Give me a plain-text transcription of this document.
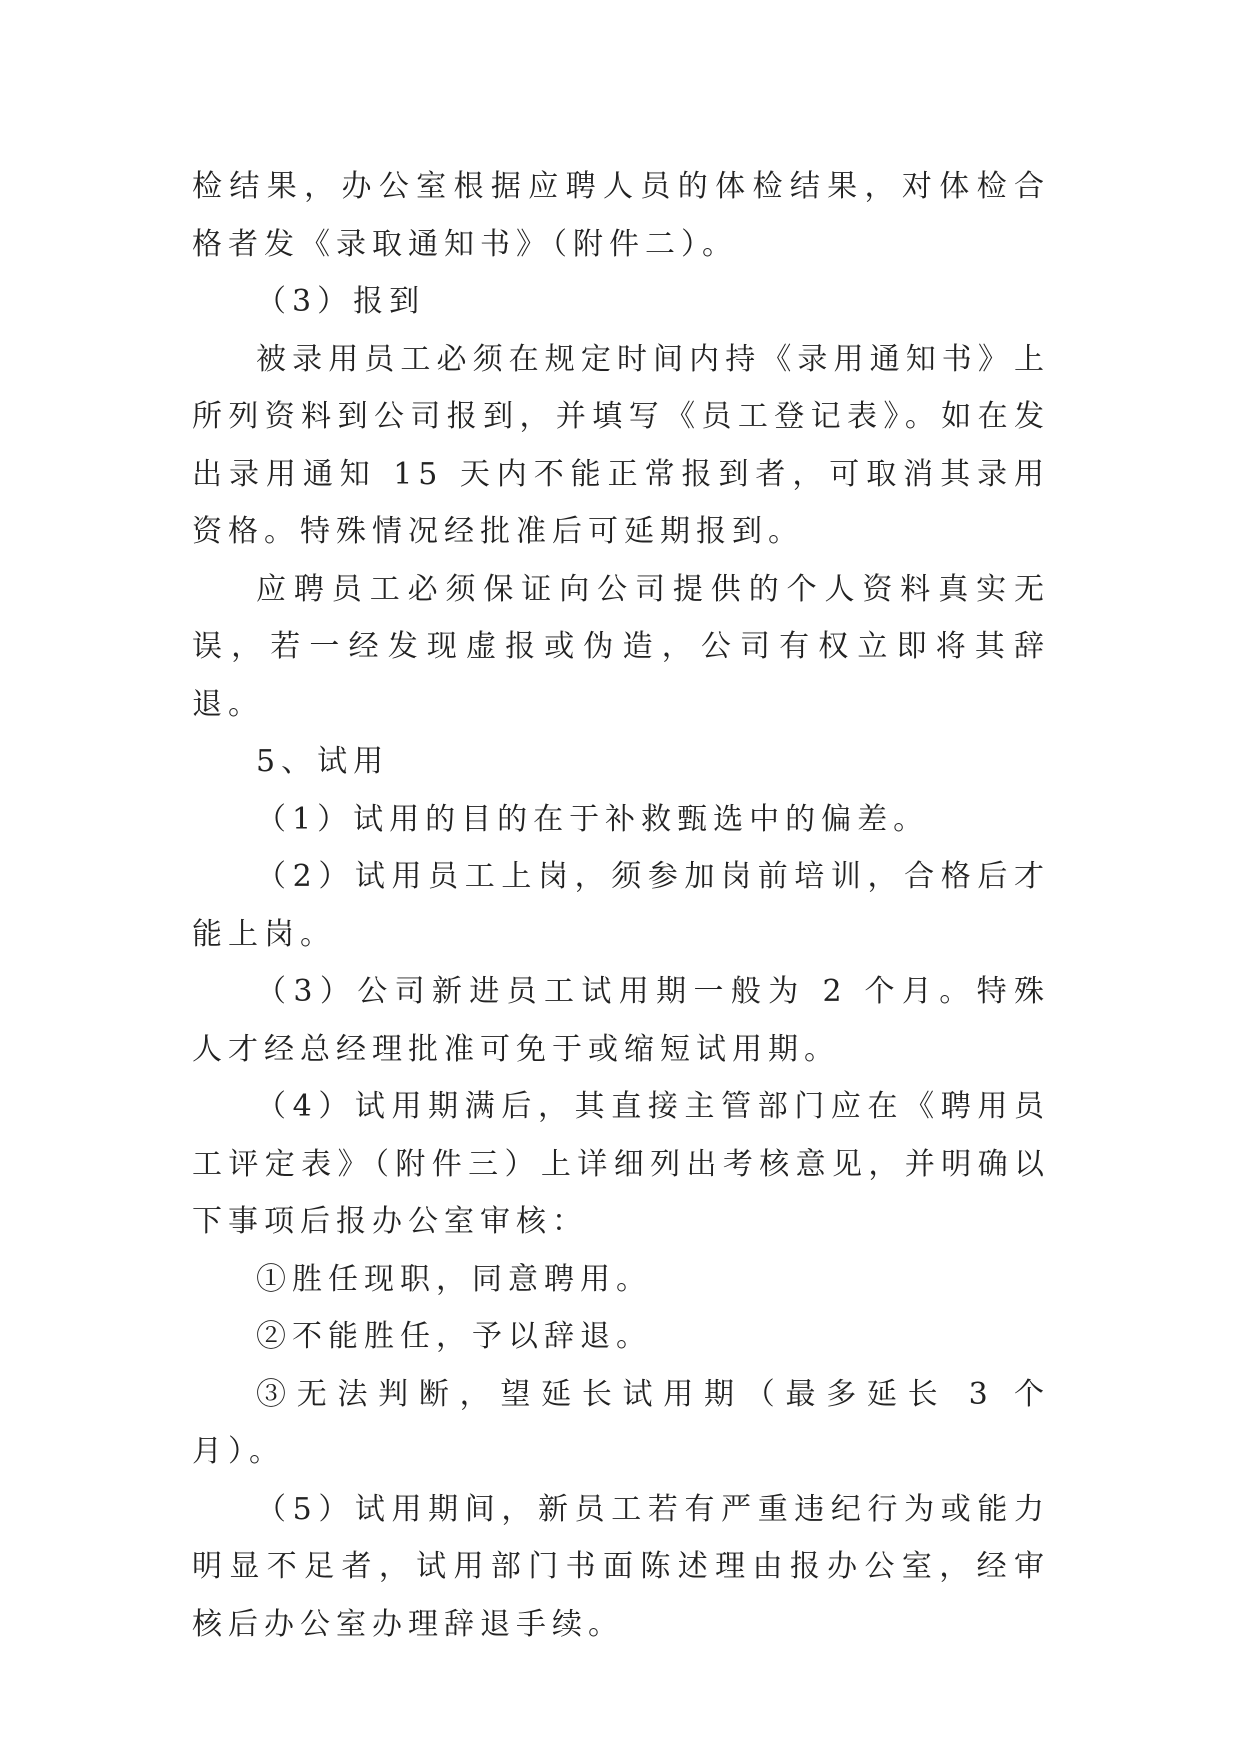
检结果，办公室根据应聘人员的体检结果，对体检合格者发《录取通知书》（附件二）。

（3）报到

被录用员工必须在规定时间内持《录用通知书》上所列资料到公司报到，并填写《员工登记表》。如在发出录用通知 15 天内不能正常报到者，可取消其录用资格。特殊情况经批准后可延期报到。

应聘员工必须保证向公司提供的个人资料真实无误，若一经发现虚报或伪造，公司有权立即将其辞退。

5、试用

（1）试用的目的在于补救甄选中的偏差。

（2）试用员工上岗，须参加岗前培训，合格后才能上岗。

（3）公司新进员工试用期一般为 2 个月。特殊人才经总经理批准可免于或缩短试用期。

（4）试用期满后，其直接主管部门应在《聘用员工评定表》（附件三）上详细列出考核意见，并明确以下事项后报办公室审核：

①胜任现职，同意聘用。

②不能胜任，予以辞退。

③无法判断，望延长试用期（最多延长 3 个月）。

（5）试用期间，新员工若有严重违纪行为或能力明显不足者，试用部门书面陈述理由报办公室，经审核后办公室办理辞退手续。
